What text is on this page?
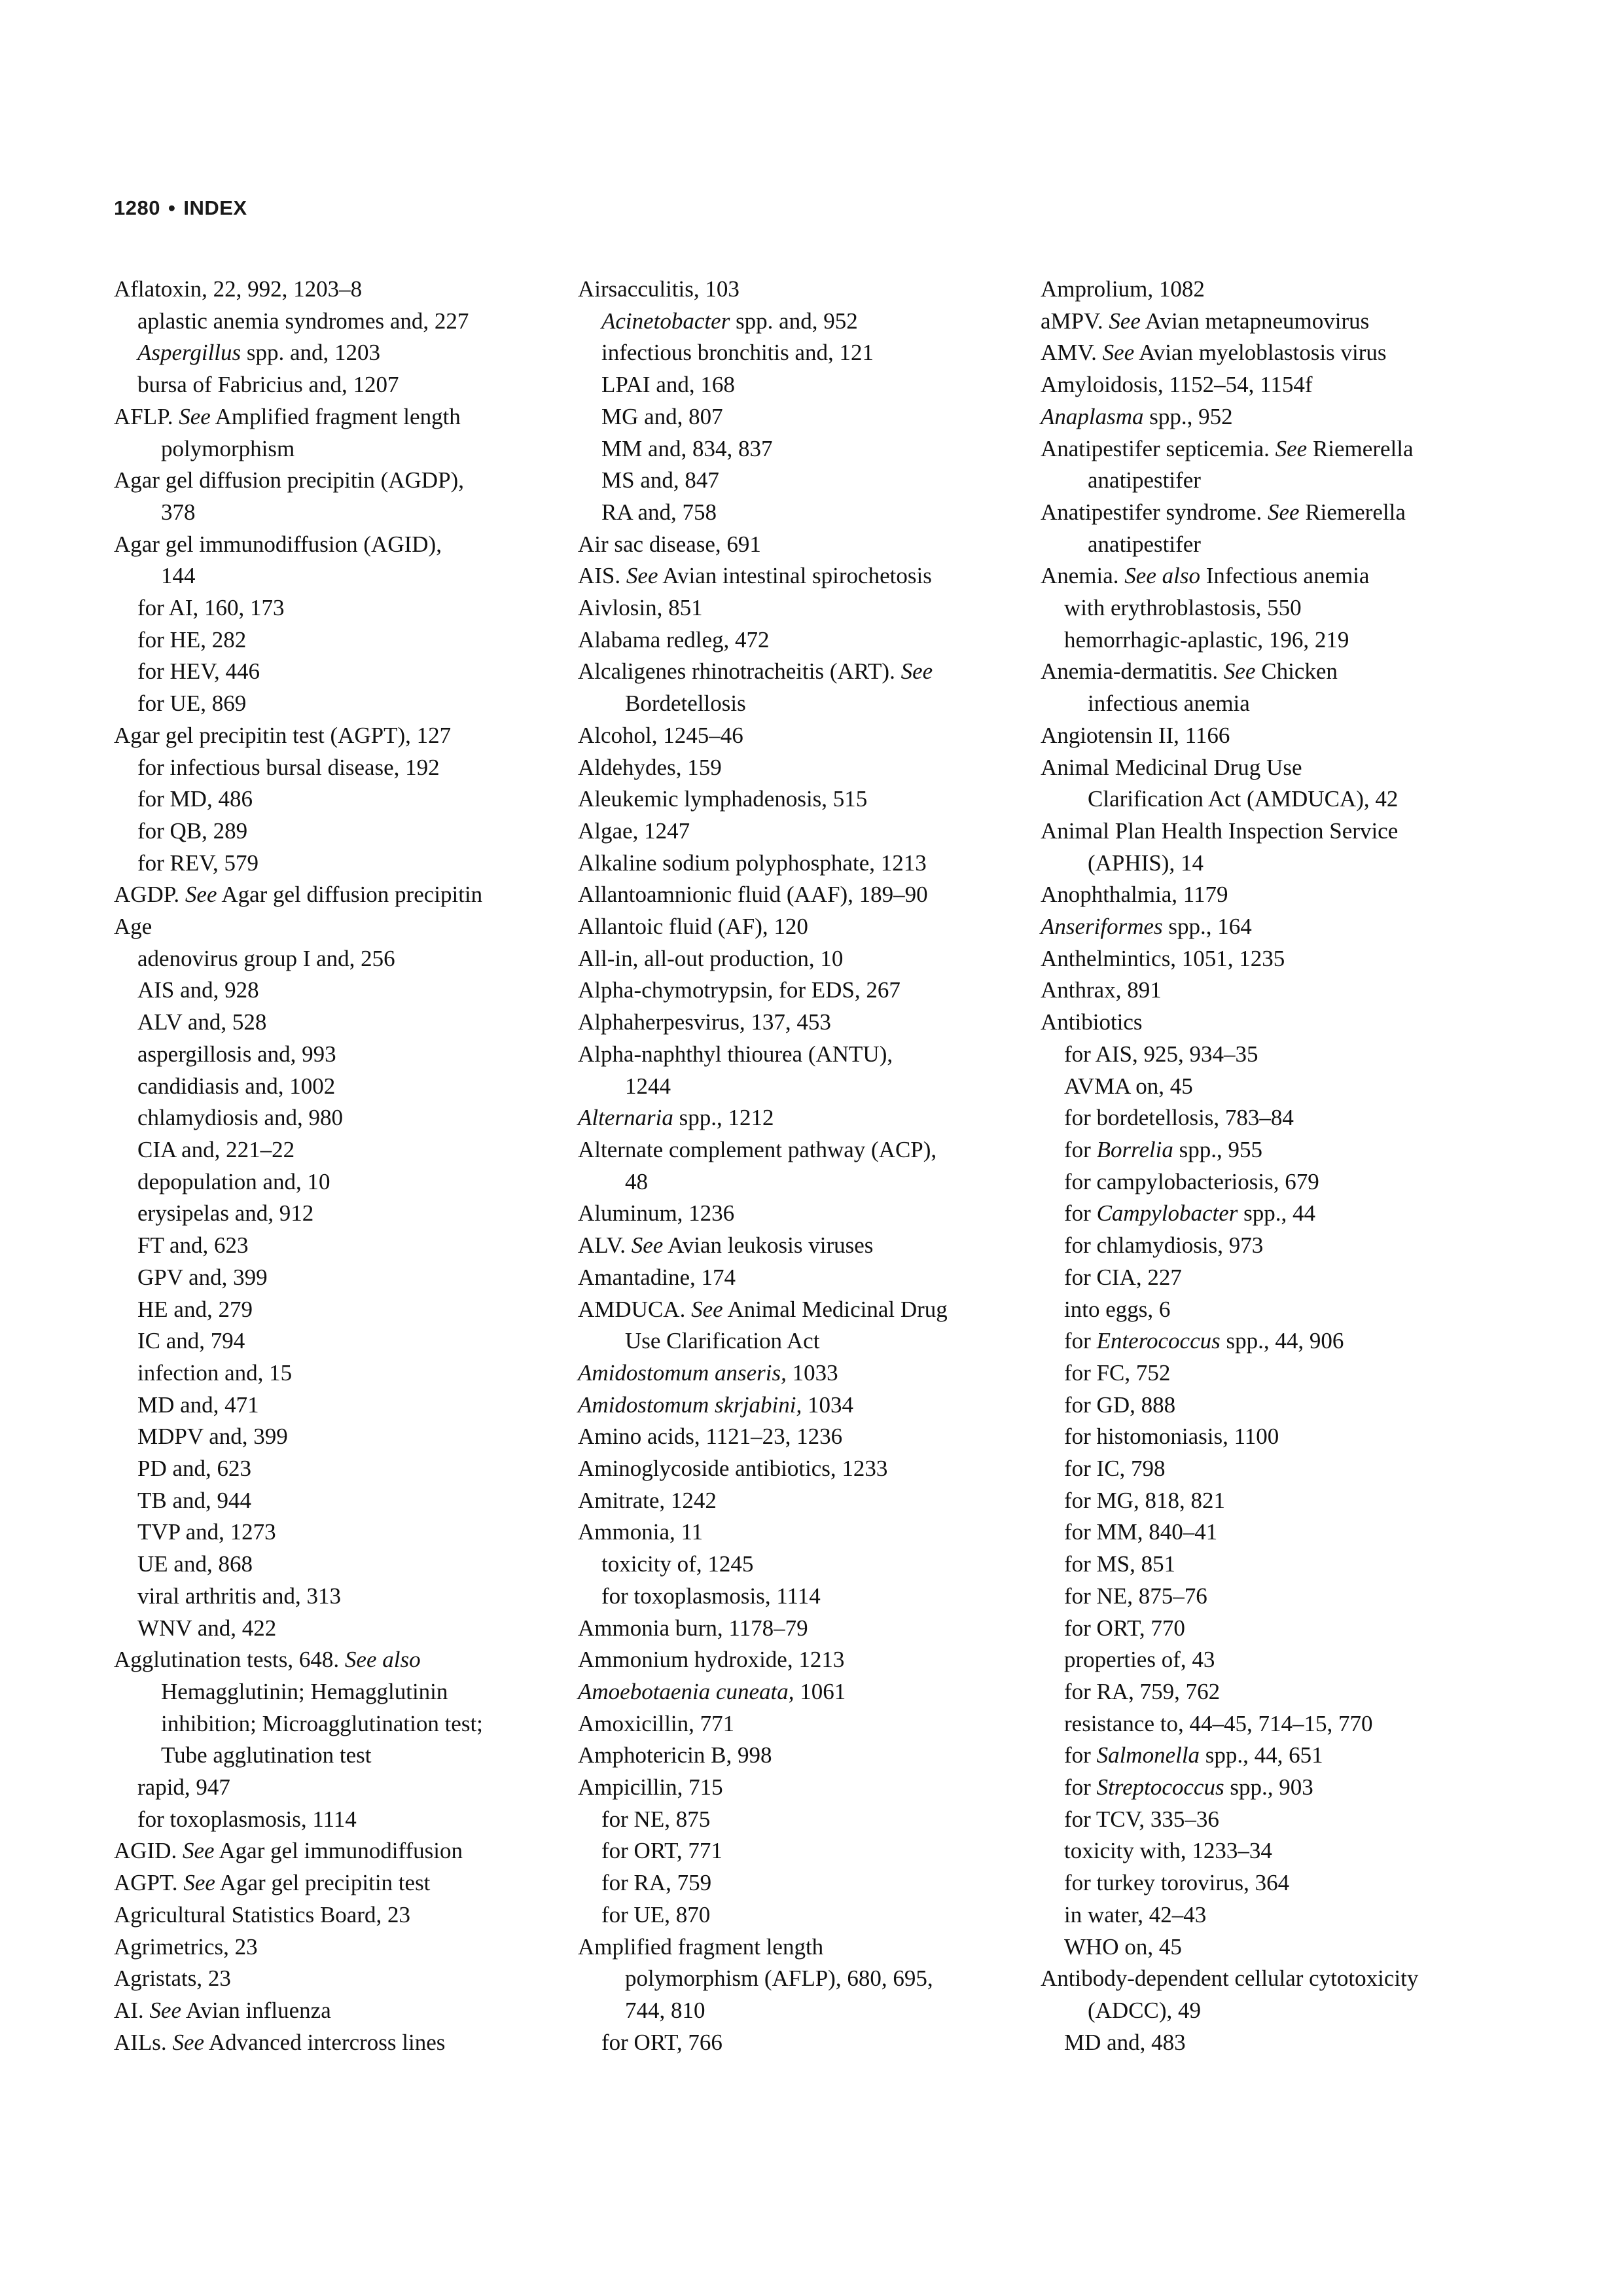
1280 • INDEX
Aflatoxin, 22, 992, 1203–8
aplastic anemia syndromes and, 227
Aspergillus spp. and, 1203
bursa of Fabricius and, 1207
AFLP. See Amplified fragment length
polymorphism
Agar gel diffusion precipitin (AGDP),
378
Agar gel immunodiffusion (AGID),
144
for AI, 160, 173
for HE, 282
for HEV, 446
for UE, 869
Agar gel precipitin test (AGPT), 127
for infectious bursal disease, 192
for MD, 486
for QB, 289
for REV, 579
AGDP. See Agar gel diffusion precipitin
Age
adenovirus group I and, 256
AIS and, 928
ALV and, 528
aspergillosis and, 993
candidiasis and, 1002
chlamydiosis and, 980
CIA and, 221–22
depopulation and, 10
erysipelas and, 912
FT and, 623
GPV and, 399
HE and, 279
IC and, 794
infection and, 15
MD and, 471
MDPV and, 399
PD and, 623
TB and, 944
TVP and, 1273
UE and, 868
viral arthritis and, 313
WNV and, 422
Agglutination tests, 648. See also
Hemagglutinin; Hemagglutinin
inhibition; Microagglutination test;
Tube agglutination test
rapid, 947
for toxoplasmosis, 1114
AGID. See Agar gel immunodiffusion
AGPT. See Agar gel precipitin test
Agricultural Statistics Board, 23
Agrimetrics, 23
Agristats, 23
AI. See Avian influenza
AILs. See Advanced intercross lines
Airsacculitis, 103
Acinetobacter spp. and, 952
infectious bronchitis and, 121
LPAI and, 168
MG and, 807
MM and, 834, 837
MS and, 847
RA and, 758
Air sac disease, 691
AIS. See Avian intestinal spirochetosis
Aivlosin, 851
Alabama redleg, 472
Alcaligenes rhinotracheitis (ART). See
Bordetellosis
Alcohol, 1245–46
Aldehydes, 159
Aleukemic lymphadenosis, 515
Algae, 1247
Alkaline sodium polyphosphate, 1213
Allantoamnionic fluid (AAF), 189–90
Allantoic fluid (AF), 120
All-in, all-out production, 10
Alpha-chymotrypsin, for EDS, 267
Alphaherpesvirus, 137, 453
Alpha-naphthyl thiourea (ANTU),
1244
Alternaria spp., 1212
Alternate complement pathway (ACP),
48
Aluminum, 1236
ALV. See Avian leukosis viruses
Amantadine, 174
AMDUCA. See Animal Medicinal Drug
Use Clarification Act
Amidostomum anseris, 1033
Amidostomum skrjabini, 1034
Amino acids, 1121–23, 1236
Aminoglycoside antibiotics, 1233
Amitrate, 1242
Ammonia, 11
toxicity of, 1245
for toxoplasmosis, 1114
Ammonia burn, 1178–79
Ammonium hydroxide, 1213
Amoebotaenia cuneata, 1061
Amoxicillin, 771
Amphotericin B, 998
Ampicillin, 715
for NE, 875
for ORT, 771
for RA, 759
for UE, 870
Amplified fragment length
polymorphism (AFLP), 680, 695,
744, 810
for ORT, 766
Amprolium, 1082
aMPV. See Avian metapneumovirus
AMV. See Avian myeloblastosis virus
Amyloidosis, 1152–54, 1154f
Anaplasma spp., 952
Anatipestifer septicemia. See Riemerella
anatipestifer
Anatipestifer syndrome. See Riemerella
anatipestifer
Anemia. See also Infectious anemia
with erythroblastosis, 550
hemorrhagic-aplastic, 196, 219
Anemia-dermatitis. See Chicken
infectious anemia
Angiotensin II, 1166
Animal Medicinal Drug Use
Clarification Act (AMDUCA), 42
Animal Plan Health Inspection Service
(APHIS), 14
Anophthalmia, 1179
Anseriformes spp., 164
Anthelmintics, 1051, 1235
Anthrax, 891
Antibiotics
for AIS, 925, 934–35
AVMA on, 45
for bordetellosis, 783–84
for Borrelia spp., 955
for campylobacteriosis, 679
for Campylobacter spp., 44
for chlamydiosis, 973
for CIA, 227
into eggs, 6
for Enterococcus spp., 44, 906
for FC, 752
for GD, 888
for histomoniasis, 1100
for IC, 798
for MG, 818, 821
for MM, 840–41
for MS, 851
for NE, 875–76
for ORT, 770
properties of, 43
for RA, 759, 762
resistance to, 44–45, 714–15, 770
for Salmonella spp., 44, 651
for Streptococcus spp., 903
for TCV, 335–36
toxicity with, 1233–34
for turkey torovirus, 364
in water, 42–43
WHO on, 45
Antibody-dependent cellular cytotoxicity
(ADCC), 49
MD and, 483
